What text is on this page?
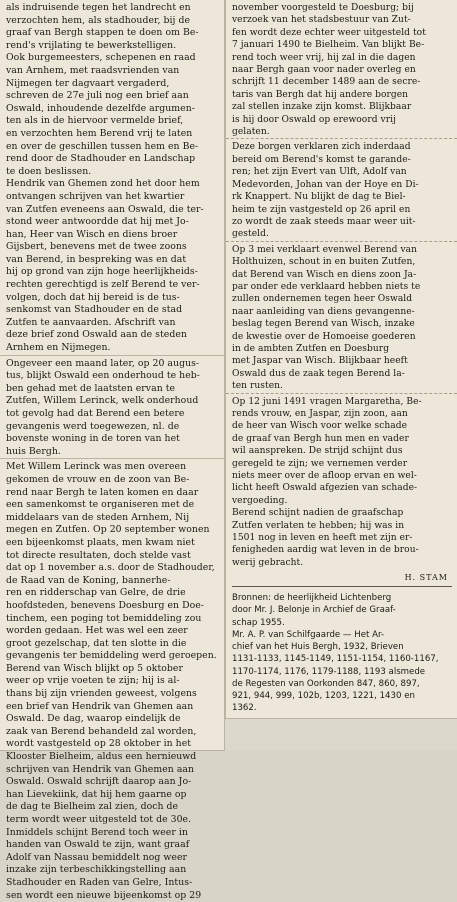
als indruisende tegen het landrecht en
verzochten hem, als stadhouder, bij de
graaf van Bergh stappen te doen om Be-
rend's vrijlating te bewerkstelligen.
Ook burgemeesters, schepenen en raad
van Arnhem, met raadsvrienden van
Nijmegen ter dagvaart vergaderd,
schreven de 27e juli nog een brief aan
Oswald, inhoudende dezelfde argumen-
ten als in de hiervoor vermelde brief,
en verzochten hem Berend vrij te laten
en over de geschillen tussen hem en Be-
rend door de Stadhouder en Landschap
te doen beslissen.
Hendrik van Ghemen zond het door hem
ontvangen schrijven van het kwartier
van Zutfen eveneens aan Oswald, die ter-
stond weer antwoordde dat hij met Jo-
han, Heer van Wisch en diens broer
Gijsbert, benevens met de twee zoons
van Berend, in bespreking was en dat
hij op grond van zijn hoge heerlijkheids-
rechten gerechtigd is zelf Berend te ver-
volgen, doch dat hij bereid is de tus-
senkomst van Stadhouder en de stad
Zutfen te aanvaarden. Afschrift van
deze brief zond Oswald aan de steden
Arnhem en Nijmegen.

Ongeveer een maand later, op 20 augus-
tus, blijkt Oswald een onderhoud te heb-
ben gehad met de laatsten ervan te
Zutfen, Willem Lerinck, welk onderhoud
tot gevolg had dat Berend een betere
gevangenis werd toegewezen, nl. de
bovenste woning in de toren van het
huis Bergh.

Met Willem Lerinck was men overeen
gekomen de vrouw en de zoon van Be-
rend naar Bergh te laten komen en daar
een samenkomst te organiseren met de
middelaars van de steden Arnhem, Nij
megen en Zutfen. Op 20 september wonen
een bijeenkomst plaats, men kwam niet
tot directe resultaten, doch stelde vast
dat op 1 november a.s. door de Stadhouder,
de Raad van de Koning, bannerhe-
ren en ridderschap van Gelre, de drie
hoofdsteden, benevens Doesburg en Doe-
tinchem, een poging tot bemiddeling zou
worden gedaan. Het was wel een zeer
groot gezelschap, dat ten slotte in die
gevangenis ter bemiddeling werd geroepen.
Berend van Wisch blijkt op 5 oktober
weer op vrije voeten te zijn; hij is al-
thans bij zijn vrienden geweest, volgens
een brief van Hendrik van Ghemen aan
Oswald. De dag, waarop eindelijk de
zaak van Berend behandeld zal worden,
wordt vastgesteld op 28 oktober in het
Klooster Bielheim, aldus een hernieuwd
schrijven van Hendrik van Ghemen aan
Oswald. Oswald schrijft daarop aan Jo-
han Lievekiink, dat hij hem gaarne op
de dag te Bielheim zal zien, doch de
term wordt weer uitgesteld tot de 30e.
Inmiddels schijnt Berend toch weer in
handen van Oswald te zijn, want graaf
Adolf van Nassau bemiddelt nog weer
inzake zijn terbeschikkingstelling aan
Stadhouder en Raden van Gelre, Intus-
sen wordt een nieuwe bijeenkomst op 29

november voorgesteld te Doesburg; bij
verzoek van het stadsbestuur van Zut-
fen wordt deze echter weer uitgesteld tot
7 januari 1490 te Bielheim. Van blijkt Be-
rend toch weer vrij, hij zal in die dagen
naar Bergh gaan voor nader overleg en
schrijft 11 december 1489 aan de secre-
taris van Bergh dat hij andere borgen
zal stellen inzake zijn komst. Blijkbaar
is hij door Oswald op erewoord vrij
gelaten.

Deze borgen verklaren zich inderdaad
bereid om Berend's komst te garande-
ren; het zijn Evert van Ulft, Adolf van
Medevorden, Johan van der Hoye en Di-
rk Knappert. Nu blijkt de dag te Biel-
heim te zijn vastgesteld op 26 april en
zo wordt de zaak steeds maar weer uit-
gesteld.

Op 3 mei verklaart evenwel Berend van
Holthuizen, schout in en buiten Zutfen,
dat Berend van Wisch en diens zoon Ja-
par onder ede verklaard hebben niets te
zullen ondernemen tegen heer Oswald
naar aanleiding van diens gevangenne-
beslag tegen Berend van Wisch, inzake
de kwestie over de Homoeise goederen
in de ambten Zutfen en Doesburg
met Jaspar van Wisch. Blijkbaar heeft
Oswald dus de zaak tegen Berend la-
ten rusten.

Op 12 juni 1491 vragen Margaretha, Be-
rends vrouw, en Jaspar, zijn zoon, aan
de heer van Wisch voor welke schade
de graaf van Bergh hun men en vader
wil aanspreken. De strijd schijnt dus
geregeld te zijn; we vernemen verder
niets meer over de afloop ervan en wel-
licht heeft Oswald afgezien van schade-
vergoeding.
Berend schijnt nadien de graafschap
Zutfen verlaten te hebben; hij was in
1501 nog in leven en heeft met zijn er-
fenigheden aardig wat leven in de brou-
werij gebracht.

H. STAM

Bronnen: de heerlijkheid Lichtenberg
door Mr. J. Belonje in Archief de Graaf-
schap 1955.
Mr. A. P. van Schilfgaarde — Het Ar-
chief van het Huis Bergh, 1932, Brieven
1131-1133, 1145-1149, 1151-1154, 1160-1167,
1170-1174, 1176, 1179-1188, 1193 alsmede
de Regesten van Oorkonden 847, 860, 897,
921, 944, 999, 102b, 1203, 1221, 1430 en
1362.
